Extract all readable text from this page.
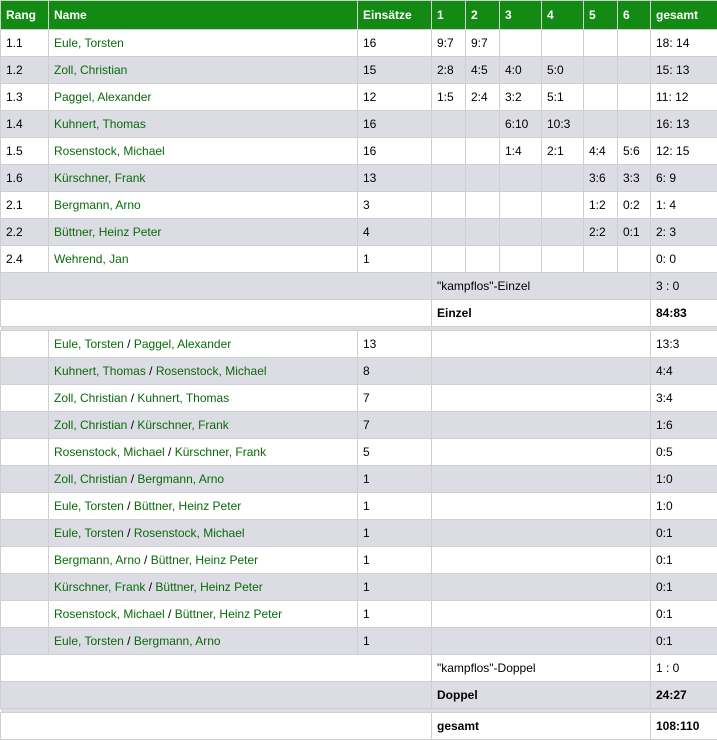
Rang	Name	Einsätze	1	2	3	4	5	6	gesamt
1.1	Eule, Torsten	16	9:7	9:7					18: 14
1.2	Zoll, Christian	15	2:8	4:5	4:0	5:0			15: 13
1.3	Paggel, Alexander	12	1:5	2:4	3:2	5:1			11: 12
1.4	Kuhnert, Thomas	16			6:10	10:3			16: 13
1.5	Rosenstock, Michael	16			1:4	2:1	4:4	5:6	12: 15
1.6	Kürschner, Frank	13					3:6	3:3	6: 9
2.1	Bergmann, Arno	3					1:2	0:2	1: 4
2.2	Büttner, Heinz Peter	4					2:2	0:1	2: 3
2.4	Wehrend, Jan	1							0: 0
			"kampflos"-Einzel						3 : 0
			Einzel						84:83

	Eule, Torsten / Paggel, Alexander	13							13:3
	Kuhnert, Thomas / Rosenstock, Michael	8							4:4
	Zoll, Christian / Kuhnert, Thomas	7							3:4
	Zoll, Christian / Kürschner, Frank	7							1:6
	Rosenstock, Michael / Kürschner, Frank	5							0:5
	Zoll, Christian / Bergmann, Arno	1							1:0
	Eule, Torsten / Büttner, Heinz Peter	1							1:0
	Eule, Torsten / Rosenstock, Michael	1							0:1
	Bergmann, Arno / Büttner, Heinz Peter	1							0:1
	Kürschner, Frank / Büttner, Heinz Peter	1							0:1
	Rosenstock, Michael / Büttner, Heinz Peter	1							0:1
	Eule, Torsten / Bergmann, Arno	1							0:1
			"kampflos"-Doppel						1 : 0
			Doppel						24:27

			gesamt						108:110
